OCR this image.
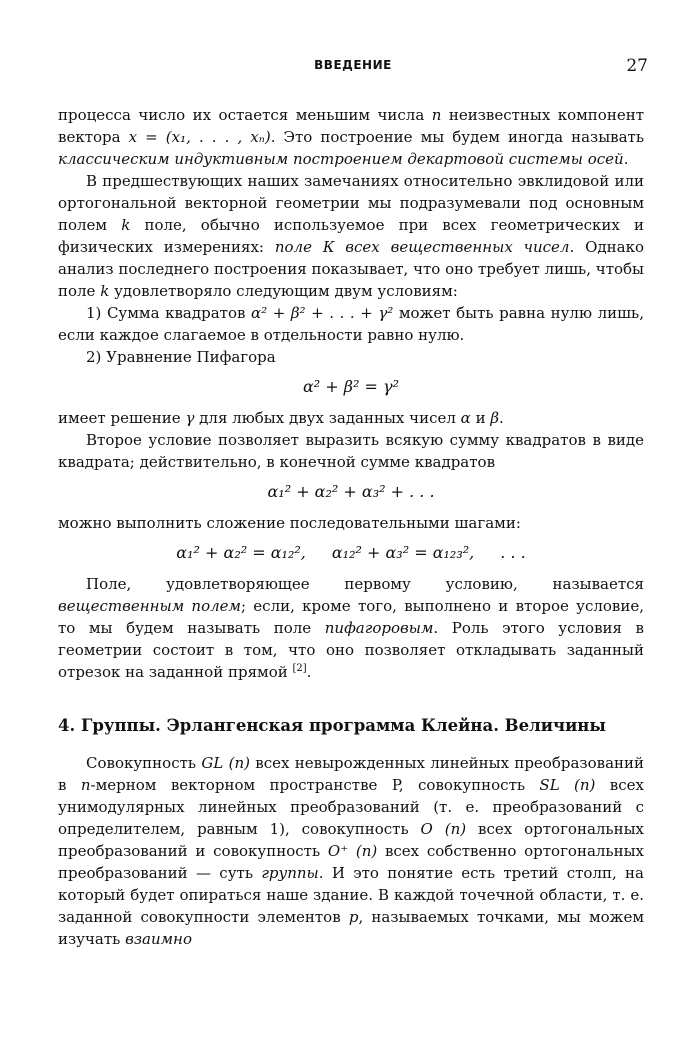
ВВЕДЕНИЕ	27

процесса число их остается меньшим числа n неизвестных компонент вектора x = (x₁, . . . , xₙ). Это построение мы будем иногда называть классическим индуктивным построением декартовой системы осей.

В предшествующих наших замечаниях относительно эвклидовой или ортогональной векторной геометрии мы подразумевали под основным полем k поле, обычно используемое при всех геометрических и физических измерениях: поле К всех вещественных чисел. Однако анализ последнего построения показывает, что оно требует лишь, чтобы поле k удовлетворяло следующим двум условиям:

1) Сумма квадратов α² + β² + . . . + γ² может быть равна нулю лишь, если каждое слагаемое в отдельности равно нулю.

2) Уравнение Пифагора

α² + β² = γ²

имеет решение γ для любых двух заданных чисел α и β.

Второе условие позволяет выразить всякую сумму квадратов в виде квадрата; действительно, в конечной сумме квадратов

α₁² + α₂² + α₃² + . . .

можно выполнить сложение последовательными шагами:

α₁² + α₂² = α₁₂², α₁₂² + α₃² = α₁₂₃², . . .

Поле, удовлетворяющее первому условию, называется вещественным полем; если, кроме того, выполнено и второе условие, то мы будем называть поле пифагоровым. Роль этого условия в геометрии состоит в том, что оно позволяет откладывать заданный отрезок на заданной прямой [2].

4. Группы. Эрлангенская программа Клейна. Величины

Совокупность GL (n) всех невырожденных линейных преобразований в n-мерном векторном пространстве P, совокупность SL (n) всех унимодулярных линейных преобразований (т. е. преобразований с определителем, равным 1), совокупность O (n) всех ортогональных преобразований и совокупность O⁺ (n) всех собственно ортогональных преобразований — суть группы. И это понятие есть третий столп, на который будет опираться наше здание. В каждой точечной области, т. е. заданной совокупности элементов p, называемых точками, мы можем изучать взаимно
